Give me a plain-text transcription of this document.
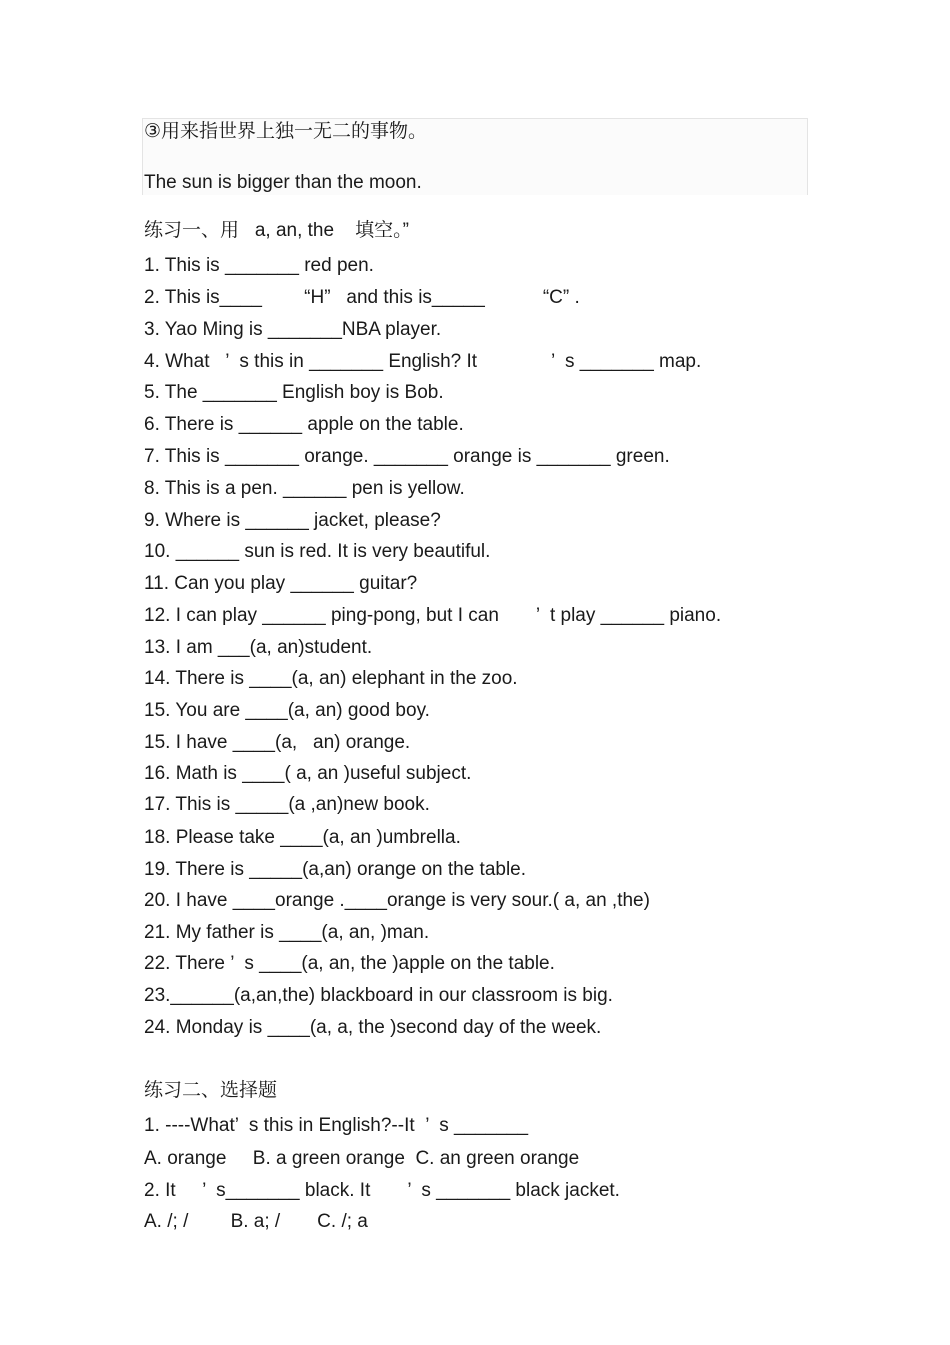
③用来指世界上独一无二的事物。
The sun is bigger than the moon.
练习一、用   a, an, the    填空。”
1. This is _______ red pen.
2. This is____        “H”   and this is_____           “C” .
3. Yao Ming is _______NBA player.
4. What   ’  s this in _______ English? It              ’  s _______ map.
5. The _______ English boy is Bob.
6. There is ______ apple on the table.
7. This is _______ orange. _______ orange is _______ green.
8. This is a pen. ______ pen is yellow.
9. Where is ______ jacket, please?
10. ______ sun is red. It is very beautiful.
11. Can you play ______ guitar?
12. I can play ______ ping-pong, but I can       ’  t play ______ piano.
13. I am ___(a, an)student.
14. There is ____(a, an) elephant in the zoo.
15. You are ____(a, an) good boy.
15. I have ____(a,   an) orange.
16. Math is ____( a, an )useful subject.
17. This is _____(a ,an)new book.
18. Please take ____(a, an )umbrella.
19. There is _____(a,an) orange on the table.
20. I have ____orange .____orange is very sour.( a, an ,the)
21. My father is ____(a, an, )man.
22. There ’  s ____(a, an, the )apple on the table.
23.______(a,an,the) blackboard in our classroom is big.
24. Monday is ____(a, a, the )second day of the week.
练习二、选择题
1. ----What’  s this in English?--It  ’  s _______
A. orange     B. a green orange  C. an green orange
2. It     ’  s_______ black. It       ’  s _______ black jacket.
A. /; /        B. a; /       C. /; a
